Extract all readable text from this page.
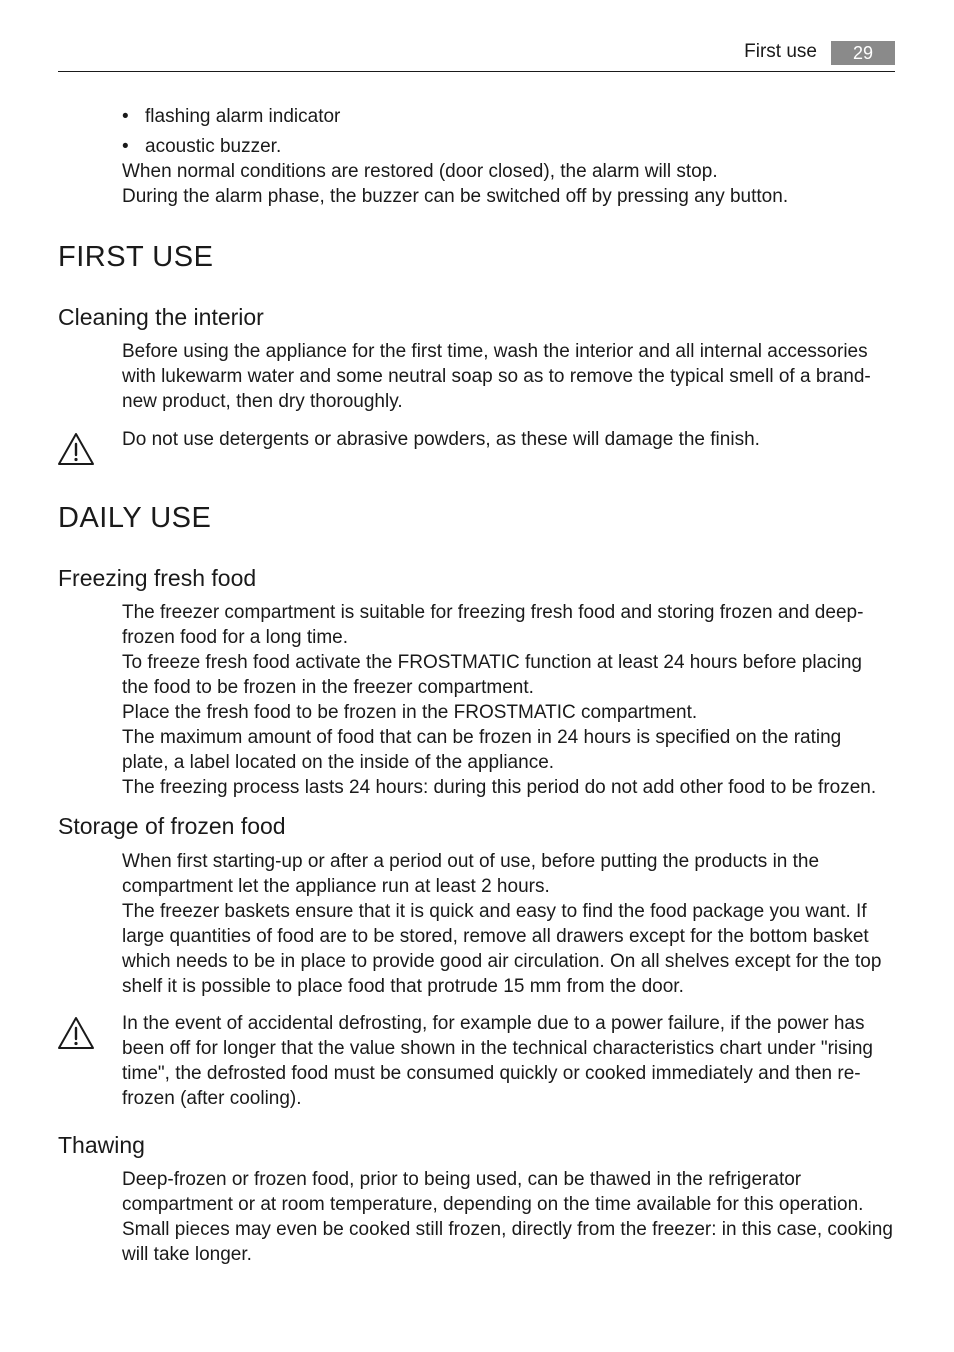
First use	29
• flashing alarm indicator
• acoustic buzzer.

When normal conditions are restored (door closed), the alarm will stop.

During the alarm phase, the buzzer can be switched off by pressing any button.

FIRST USE
Cleaning the interior

Before using the appliance for the first time, wash the interior and all internal accessories with lukewarm water and some neutral soap so as to remove the typical smell of a brand-new product, then dry thoroughly.

Do not use detergents or abrasive powders, as these will damage the finish.

DAILY USE
Freezing fresh food

The freezer compartment is suitable for freezing fresh food and storing frozen and deep-frozen food for a long time.

To freeze fresh food activate the FROSTMATIC function at least 24 hours before placing the food to be frozen in the freezer compartment.

Place the fresh food to be frozen in the FROSTMATIC compartment.

The maximum amount of food that can be frozen in 24 hours is specified on the rating plate, a label located on the inside of the appliance.

The freezing process lasts 24 hours: during this period do not add other food to be frozen.

Storage of frozen food

When first starting-up or after a period out of use, before putting the products in the compartment let the appliance run at least 2 hours.

The freezer baskets ensure that it is quick and easy to find the food package you want. If large quantities of food are to be stored, remove all drawers except for the bottom basket which needs to be in place to provide good air circulation. On all shelves except for the top shelf it is possible to place food that protrude 15 mm from the door.

In the event of accidental defrosting, for example due to a power failure, if the power has been off for longer that the value shown in the technical characteristics chart under "rising time", the defrosted food must be consumed quickly or cooked immediately and then re-frozen (after cooling).

Thawing

Deep-frozen or frozen food, prior to being used, can be thawed in the refrigerator compartment or at room temperature, depending on the time available for this operation.

Small pieces may even be cooked still frozen, directly from the freezer: in this case, cooking will take longer.
